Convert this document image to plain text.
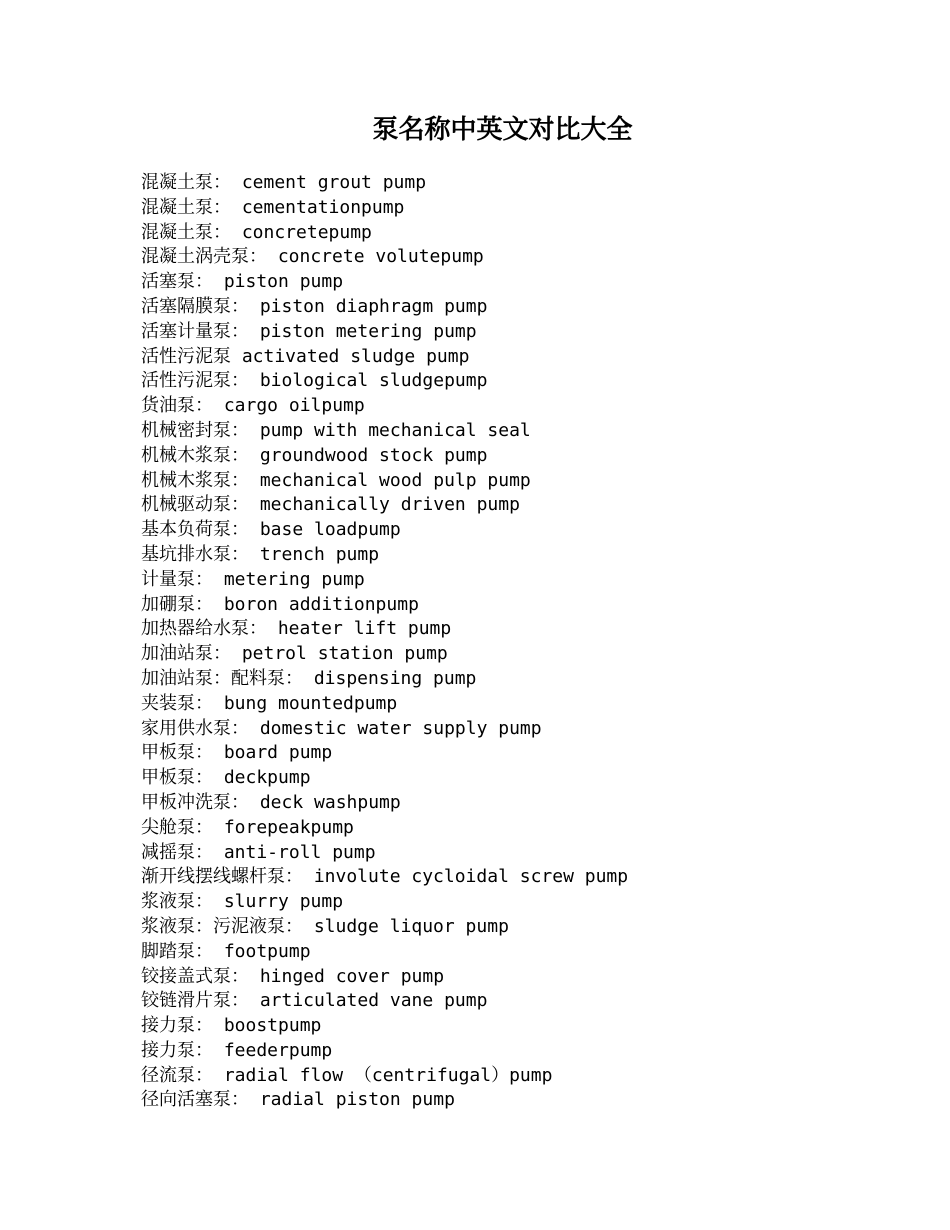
泵名称中英文对比大全
混凝土泵： cement grout pump
混凝土泵： cementationpump
混凝土泵： concretepump
混凝土涡壳泵： concrete volutepump
活塞泵： piston pump
活塞隔膜泵： piston diaphragm pump
活塞计量泵： piston metering pump
活性污泥泵 activated sludge pump
活性污泥泵： biological sludgepump
货油泵： cargo oilpump
机械密封泵： pump with mechanical seal
机械木浆泵： groundwood stock pump
机械木浆泵： mechanical wood pulp pump
机械驱动泵： mechanically driven pump
基本负荷泵： base loadpump
基坑排水泵： trench pump
计量泵： metering pump
加硼泵： boron additionpump
加热器给水泵： heater lift pump
加油站泵： petrol station pump
加油站泵：配料泵： dispensing pump
夹装泵： bung mountedpump
家用供水泵： domestic water supply pump
甲板泵： board pump
甲板泵： deckpump
甲板冲洗泵： deck washpump
尖舱泵： forepeakpump
减摇泵： anti-roll pump
渐开线摆线螺杆泵： involute cycloidal screw pump
浆液泵： slurry pump
浆液泵：污泥液泵： sludge liquor pump
脚踏泵： footpump
铰接盖式泵： hinged cover pump
铰链滑片泵： articulated vane pump
接力泵： boostpump
接力泵： feederpump
径流泵： radial flow （centrifugal）pump
径向活塞泵： radial piston pump
